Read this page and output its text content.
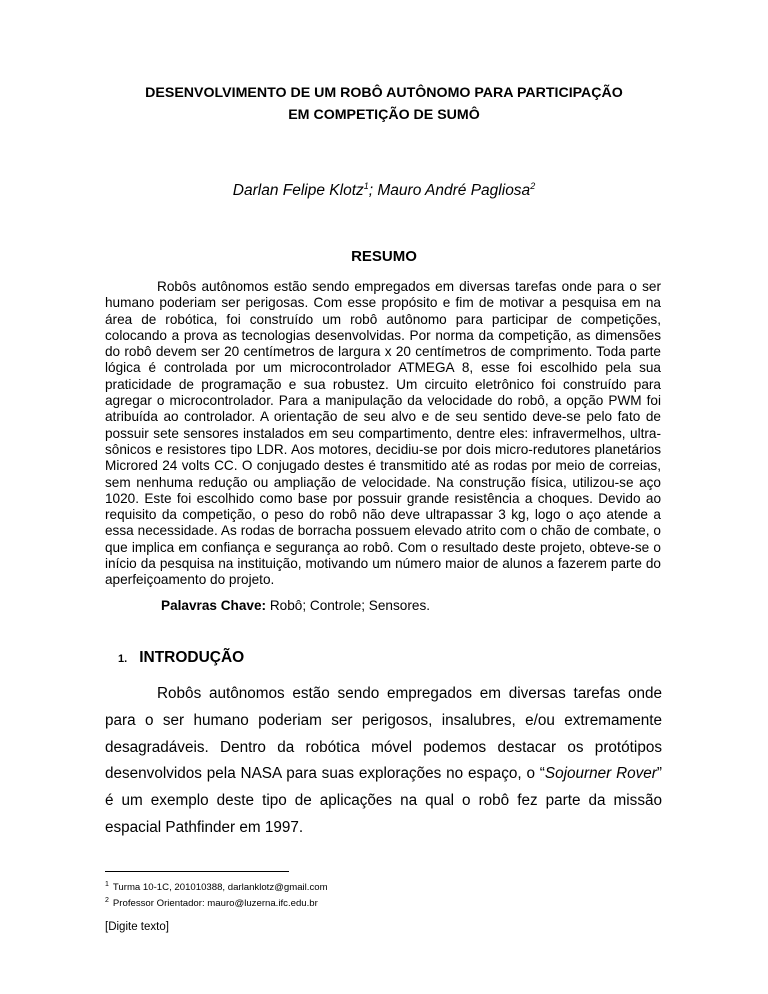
DESENVOLVIMENTO DE UM ROBÔ AUTÔNOMO PARA PARTICIPAÇÃO
EM COMPETIÇÃO DE SUMÔ
Darlan Felipe Klotz$^1$; Mauro André Pagliosa$^2$
RESUMO

Robôs autônomos estão sendo empregados em diversas tarefas onde para o ser humano poderiam ser perigosas. Com esse propósito e fim de motivar a pesquisa em na área de robótica, foi construído um robô autônomo para participar de competições, colocando a prova as tecnologias desenvolvidas. Por norma da competição, as dimensões do robô devem ser 20 centímetros de largura x 20 centímetros de comprimento. Toda parte lógica é controlada por um microcontrolador ATMEGA 8, esse foi escolhido pela sua praticidade de programação e sua robustez. Um circuito eletrônico foi construído para agregar o microcontrolador. Para a manipulação da velocidade do robô, a opção PWM foi atribuída ao controlador. A orientação de seu alvo e de seu sentido deve-se pelo fato de possuir sete sensores instalados em seu compartimento, dentre eles: infravermelhos, ultra-sônicos e resistores tipo LDR. Aos motores, decidiu-se por dois micro-redutores planetários Microred 24 volts CC. O conjugado destes é transmitido até as rodas por meio de correias, sem nenhuma redução ou ampliação de velocidade. Na construção física, utilizou-se aço 1020. Este foi escolhido como base por possuir grande resistência a choques. Devido ao requisito da competição, o peso do robô não deve ultrapassar 3 kg, logo o aço atende a essa necessidade. As rodas de borracha possuem elevado atrito com o chão de combate, o que implica em confiança e segurança ao robô. Com o resultado deste projeto, obteve-se o início da pesquisa na instituição, motivando um número maior de alunos a fazerem parte do aperfeiçoamento do projeto.

Palavras Chave: Robô; Controle; Sensores.
1. INTRODUÇÃO

Robôs autônomos estão sendo empregados em diversas tarefas onde para o ser humano poderiam ser perigosos, insalubres, e/ou extremamente desagradáveis. Dentro da robótica móvel podemos destacar os protótipos desenvolvidos pela NASA para suas explorações no espaço, o “Sojourner Rover” é um exemplo deste tipo de aplicações na qual o robô fez parte da missão espacial Pathfinder em 1997.

$^1$ Turma 10-1C, 201010388, darlanklotz@gmail.com
$^2$ Professor Orientador: mauro@luzerna.ifc.edu.br
[Digite texto]
